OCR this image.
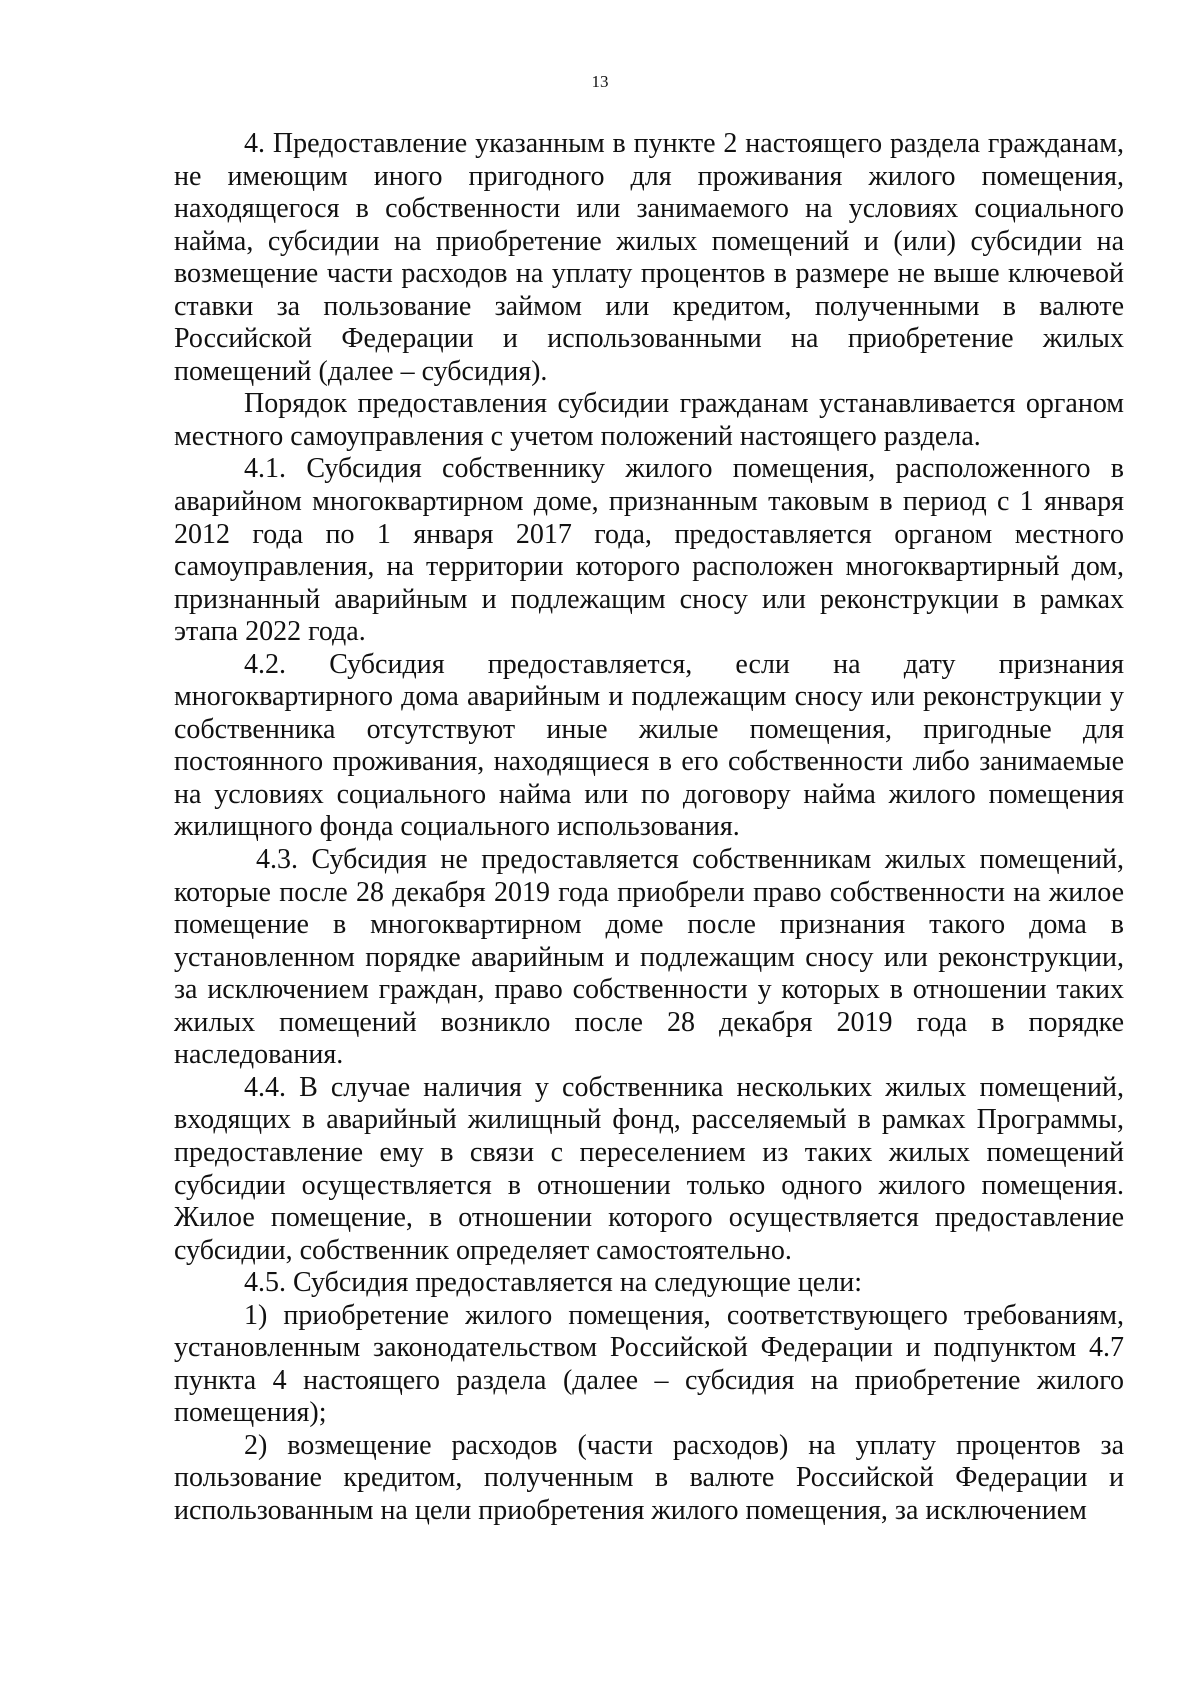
13

4. Предоставление указанным в пункте 2 настоящего раздела гражданам, не имеющим иного пригодного для проживания жилого помещения, находящегося в собственности или занимаемого на условиях социального найма, субсидии на приобретение жилых помещений и (или) субсидии на возмещение части расходов на уплату процентов в размере не выше ключевой ставки за пользование займом или кредитом, полученными в валюте Российской Федерации и использованными на приобретение жилых помещений (далее – субсидия).

Порядок предоставления субсидии гражданам устанавливается органом местного самоуправления с учетом положений настоящего раздела.

4.1. Субсидия собственнику жилого помещения, расположенного в аварийном многоквартирном доме, признанным таковым в период с 1 января 2012 года по 1 января 2017 года, предоставляется органом местного самоуправления, на территории которого расположен многоквартирный дом, признанный аварийным и подлежащим сносу или реконструкции в рамках этапа 2022 года.

4.2. Субсидия предоставляется, если на дату признания многоквартирного дома аварийным и подлежащим сносу или реконструкции у собственника отсутствуют иные жилые помещения, пригодные для постоянного проживания, находящиеся в его собственности либо занимаемые на условиях социального найма или по договору найма жилого помещения жилищного фонда социального использования.

4.3. Субсидия не предоставляется собственникам жилых помещений, которые после 28 декабря 2019 года приобрели право собственности на жилое помещение в многоквартирном доме после признания такого дома в установленном порядке аварийным и подлежащим сносу или реконструкции, за исключением граждан, право собственности у которых в отношении таких жилых помещений возникло после 28 декабря 2019 года в порядке наследования.

4.4. В случае наличия у собственника нескольких жилых помещений, входящих в аварийный жилищный фонд, расселяемый в рамках Программы, предоставление ему в связи с переселением из таких жилых помещений субсидии осуществляется в отношении только одного жилого помещения. Жилое помещение, в отношении которого осуществляется предоставление субсидии, собственник определяет самостоятельно.

4.5. Субсидия предоставляется на следующие цели:

1) приобретение жилого помещения, соответствующего требованиям, установленным законодательством Российской Федерации и подпунктом 4.7 пункта 4 настоящего раздела (далее – субсидия на приобретение жилого помещения);

2) возмещение расходов (части расходов) на уплату процентов за пользование кредитом, полученным в валюте Российской Федерации и использованным на цели приобретения жилого помещения, за исключением
